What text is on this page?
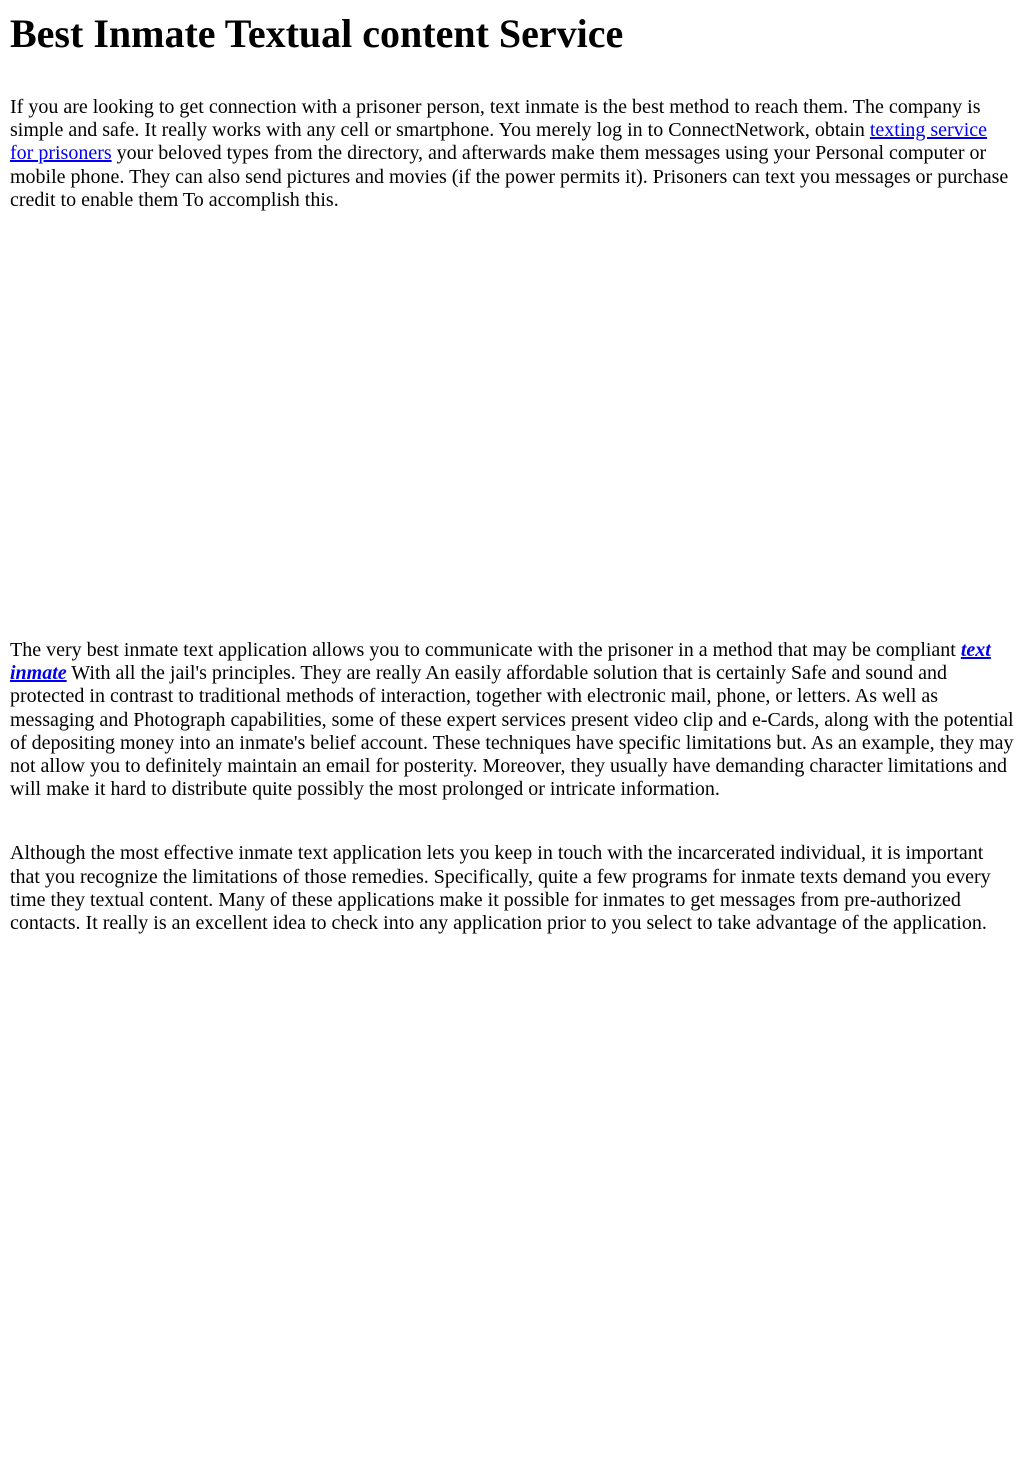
Best Inmate Textual content Service

If you are looking to get connection with a prisoner person, text inmate is the best method to reach them. The company is simple and safe. It really works with any cell or smartphone. You merely log in to ConnectNetwork, obtain texting service for prisoners your beloved types from the directory, and afterwards make them messages using your Personal computer or mobile phone. They can also send pictures and movies (if the power permits it). Prisoners can text you messages or purchase credit to enable them To accomplish this.

The very best inmate text application allows you to communicate with the prisoner in a method that may be compliant text inmate With all the jail's principles. They are really An easily affordable solution that is certainly Safe and sound and protected in contrast to traditional methods of interaction, together with electronic mail, phone, or letters. As well as messaging and Photograph capabilities, some of these expert services present video clip and e-Cards, along with the potential of depositing money into an inmate's belief account. These techniques have specific limitations but. As an example, they may not allow you to definitely maintain an email for posterity. Moreover, they usually have demanding character limitations and will make it hard to distribute quite possibly the most prolonged or intricate information.

Although the most effective inmate text application lets you keep in touch with the incarcerated individual, it is important that you recognize the limitations of those remedies. Specifically, quite a few programs for inmate texts demand you every time they textual content. Many of these applications make it possible for inmates to get messages from pre-authorized contacts. It really is an excellent idea to check into any application prior to you select to take advantage of the application.
